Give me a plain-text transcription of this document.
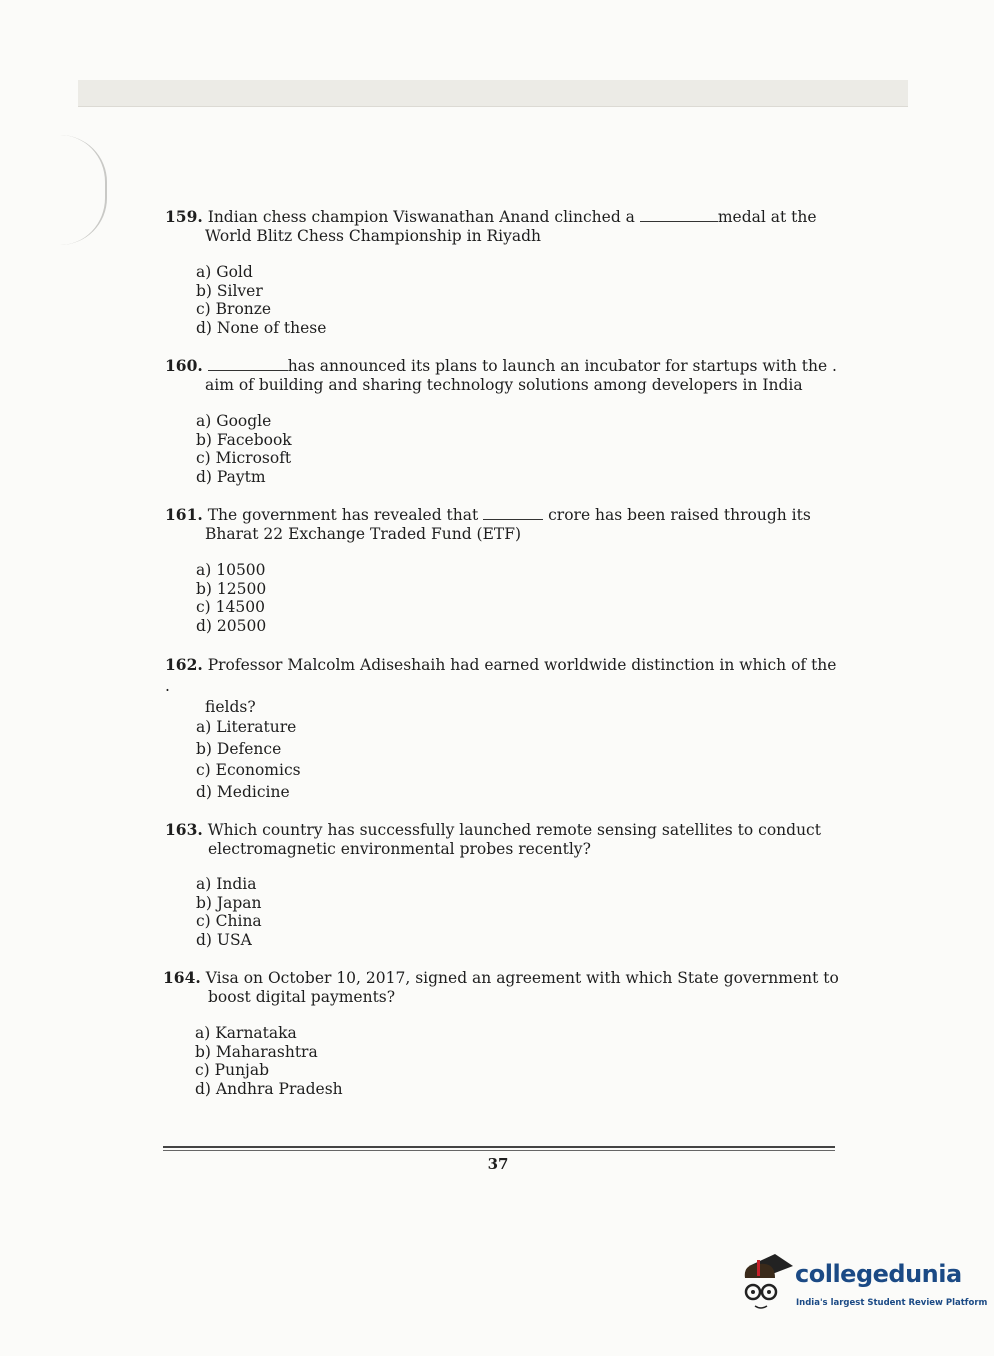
159. Indian chess champion Viswanathan Anand clinched a	medal at the
World Blitz Chess Championship in Riyadh
a) Gold
b) Silver
c) Bronze
d) None of these
160.	has announced its plans to launch an incubator for startups with the .
aim of building and sharing technology solutions among developers in India
a) Google
b) Facebook
c) Microsoft
d) Paytm
161. The government has revealed that	crore has been raised through its
Bharat 22 Exchange Traded Fund (ETF)
a) 10500
b) 12500
c) 14500
d) 20500
162. Professor Malcolm Adiseshaih had earned worldwide distinction in which of the .
fields?
a) Literature
b) Defence
c) Economics
d) Medicine
163. Which country has successfully launched remote sensing satellites to conduct
electromagnetic environmental probes recently?
a) India
b) Japan
c) China
d) USA
164. Visa on October 10, 2017, signed an agreement with which State government to
boost digital payments?
a) Karnataka
b) Maharashtra
c) Punjab
d) Andhra Pradesh
37
collegedunia
India's largest Student Review Platform
